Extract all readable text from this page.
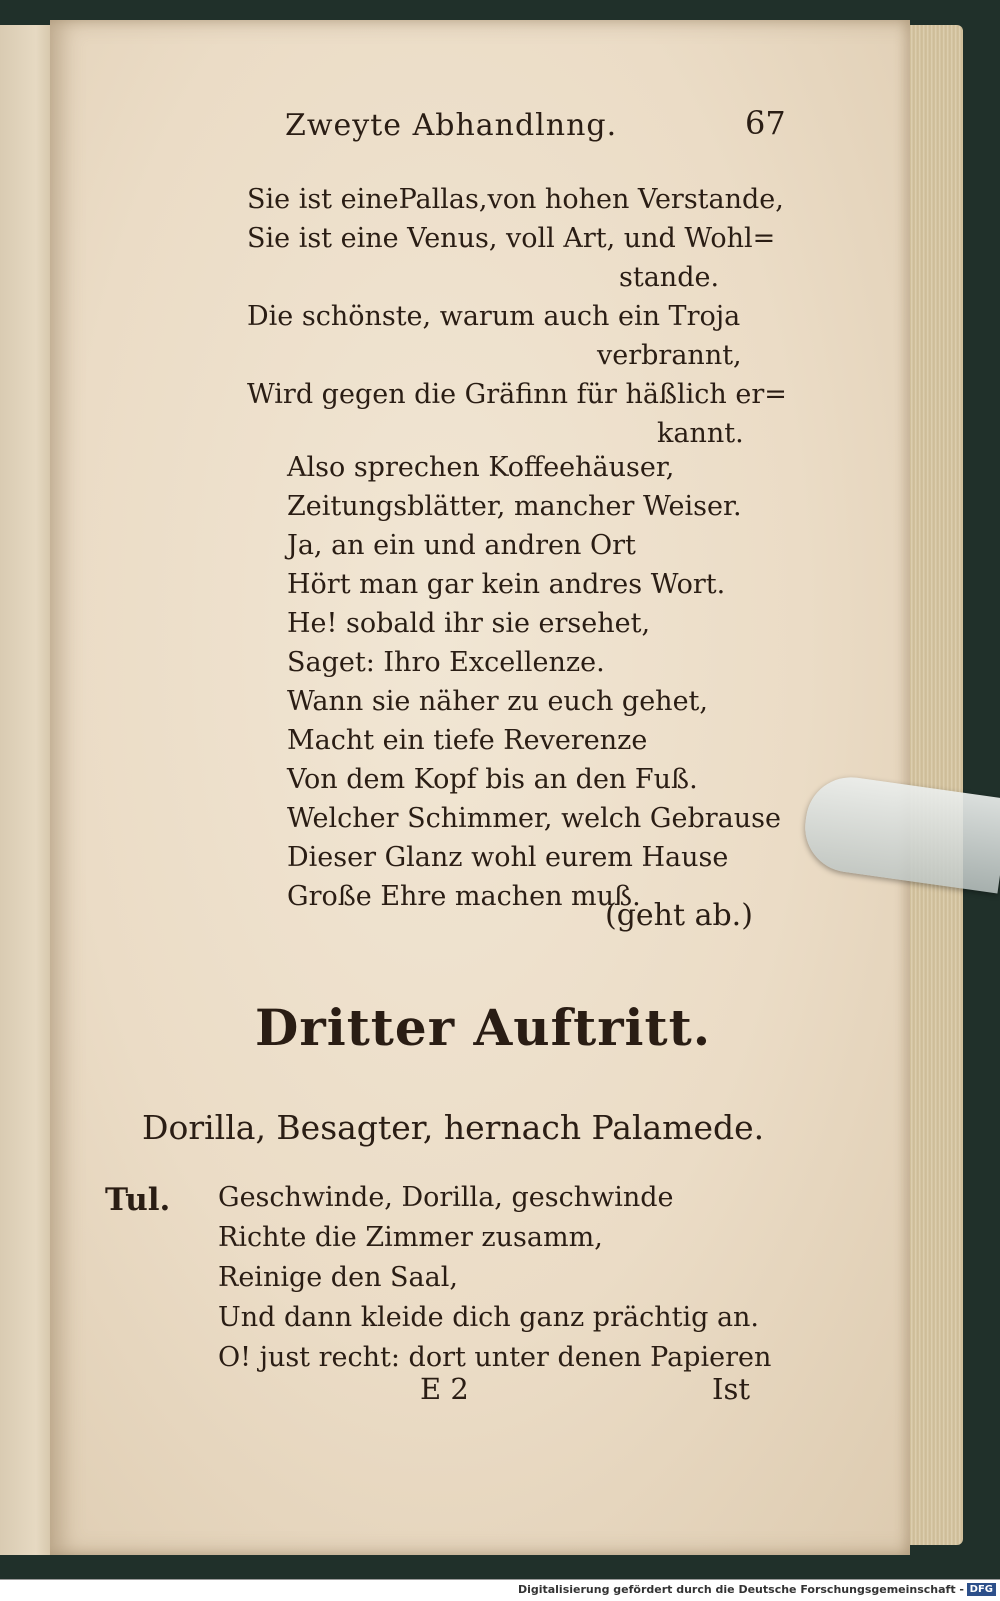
Zweyte Abhandlnng.	67
Sie ist einePallas,von hohen Verstande,
Sie ist eine Venus, voll Art, und Wohl=
stande.
Die schönste, warum auch ein Troja
verbrannt,
Wird gegen die Gräfinn für häßlich er=
kannt.
Also sprechen Koffeehäuser,
Zeitungsblätter, mancher Weiser.
Ja, an ein und andren Ort
Hört man gar kein andres Wort.
He! sobald ihr sie ersehet,
Saget: Ihro Excellenze.
Wann sie näher zu euch gehet,
Macht ein tiefe Reverenze
Von dem Kopf bis an den Fuß.
Welcher Schimmer, welch Gebrause
Dieser Glanz wohl eurem Hause
Große Ehre machen muß.
(geht ab.)
Dritter Auftritt.
Dorilla, Besagter, hernach Palamede.
Tul. Geschwinde, Dorilla, geschwinde
Richte die Zimmer zusamm,
Reinige den Saal,
Und dann kleide dich ganz prächtig an.
O! just recht: dort unter denen Papieren
E 2	Ist
Digitalisierung gefördert durch die Deutsche Forschungsgemeinschaft - DFG
